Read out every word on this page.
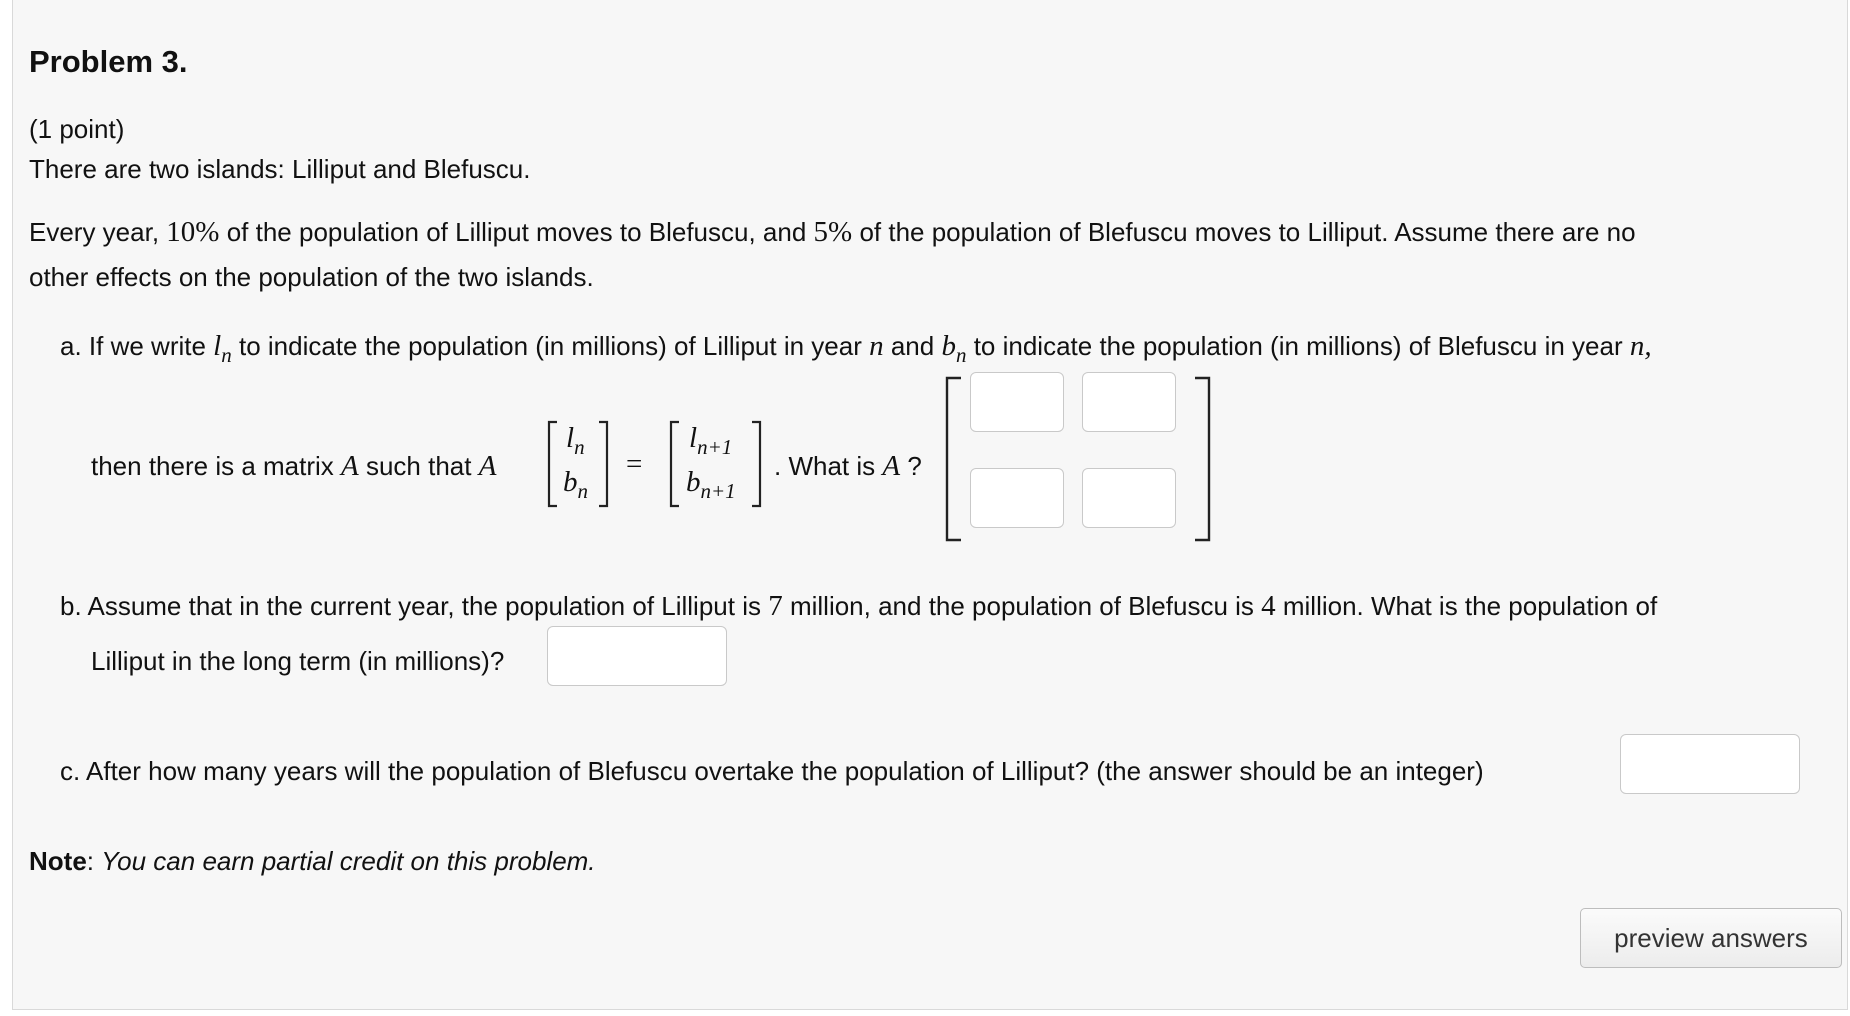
Problem 3.
(1 point)
There are two islands: Lilliput and Blefuscu.
Every year, 10% of the population of Lilliput moves to Blefuscu, and 5% of the population of Blefuscu moves to Lilliput. Assume there are no
other effects on the population of the two islands.
a. If we write $l_n$ to indicate the population (in millions) of Lilliput in year n and $b_n$ to indicate the population (in millions) of Blefuscu in year n,
then there is a matrix A such that A
$l_n$
$b_n$
=
$l_{n+1}$
$b_{n+1}$
. What is A ?
b. Assume that in the current year, the population of Lilliput is 7 million, and the population of Blefuscu is 4 million. What is the population of
Lilliput in the long term (in millions)?
c. After how many years will the population of Blefuscu overtake the population of Lilliput? (the answer should be an integer)
Note: You can earn partial credit on this problem.
preview answers
